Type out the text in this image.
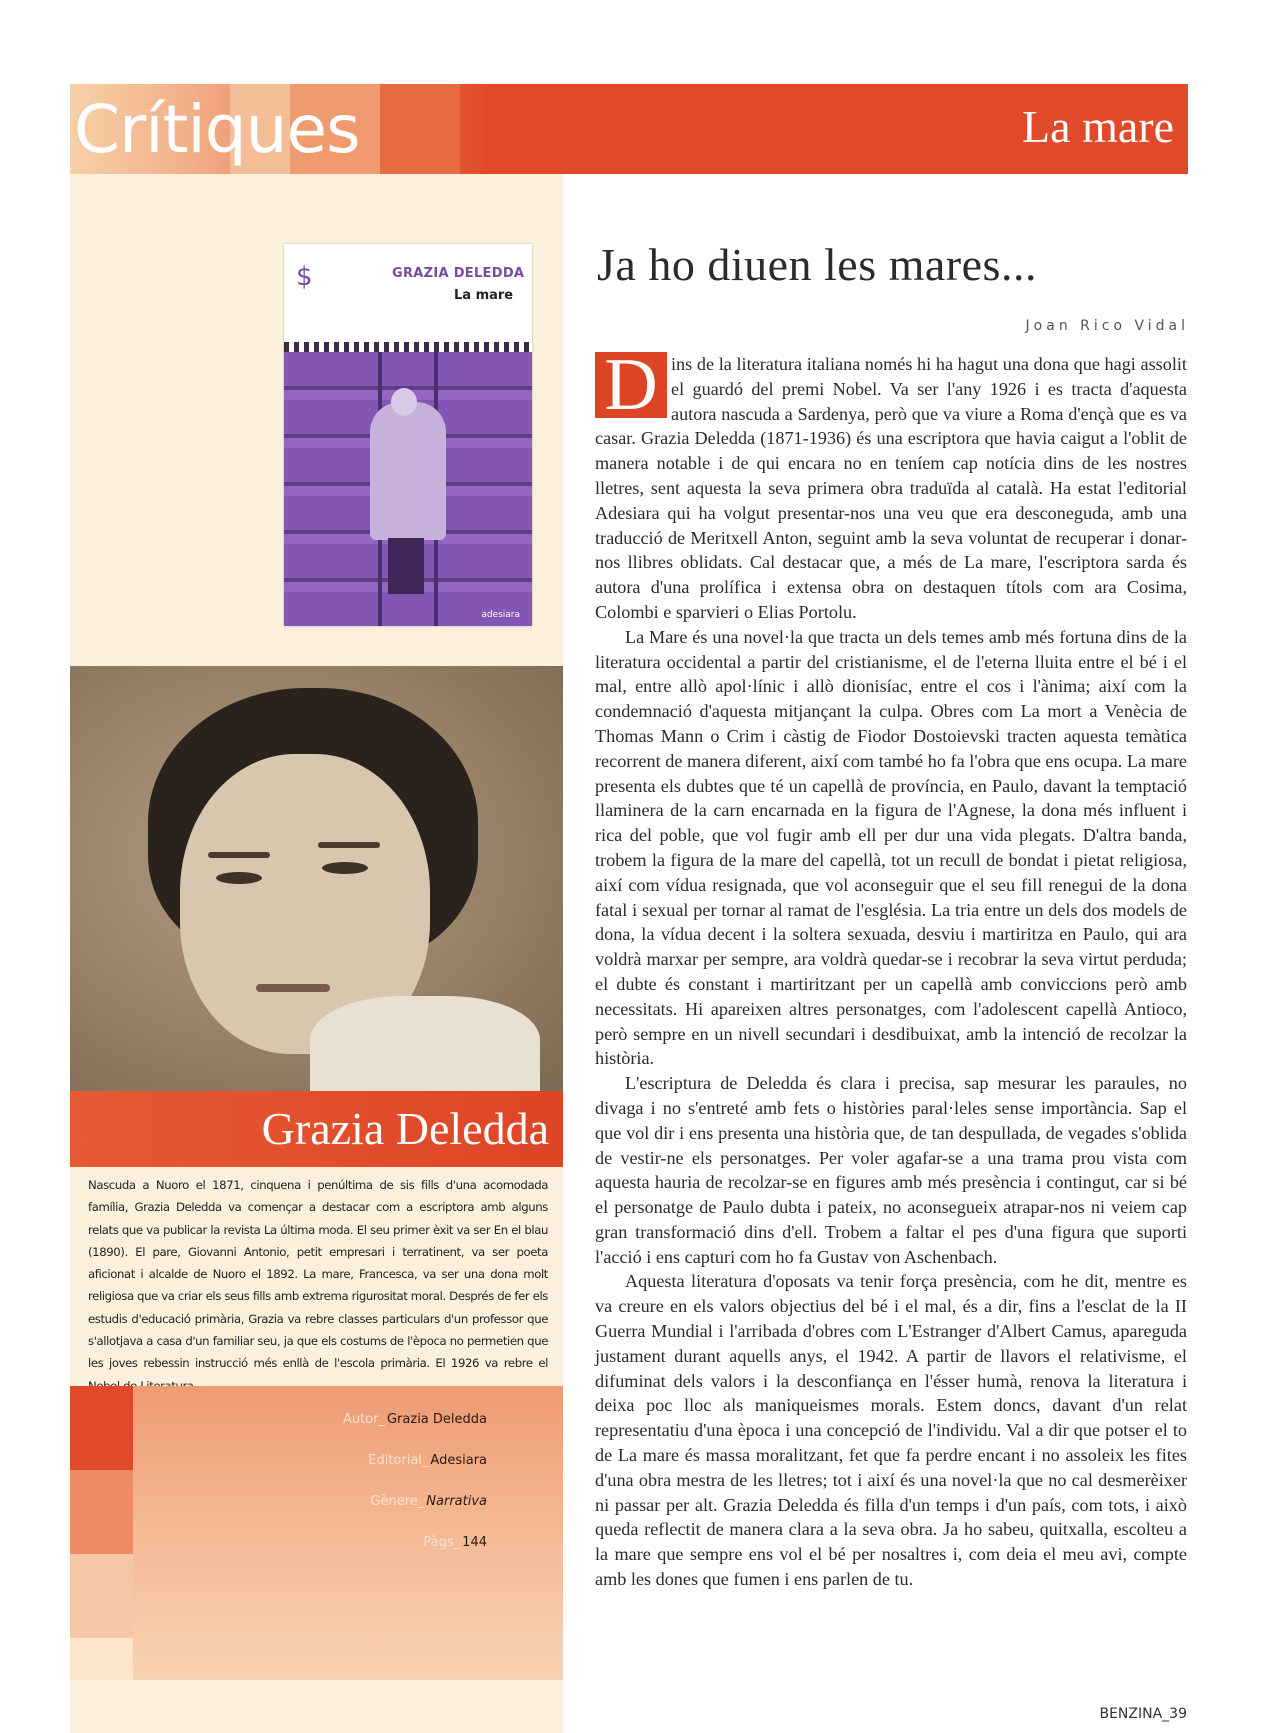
Crítiques	La mare
$	GRAZIA DELEDDA
La mare
adesiara
Grazia Deledda
Nascuda a Nuoro el 1871, cinquena i penúltima de sis fills d'una acomodada família, Grazia Deledda va començar a destacar com a escriptora amb alguns relats que va publicar la revista La última moda. El seu primer èxit va ser En el blau (1890). El pare, Giovanni Antonio, petit empresari i terratinent, va ser poeta aficionat i alcalde de Nuoro el 1892. La mare, Francesca, va ser una dona molt religiosa que va criar els seus fills amb extrema rigurositat moral. Després de fer els estudis d'educació primària, Grazia va rebre classes particulars d'un professor que s'allotjava a casa d'un familiar seu, ja que els costums de l'època no permetien que les joves rebessin instrucció més enllà de l'escola primària. El 1926 va rebre el
Autor_ Grazia Deledda
Editorial_ Adesiara
Gènere_ Narrativa
Pàgs_ 144
Ja ho diuen les mares...
Joan Rico Vidal

D ins de la literatura italiana només hi ha hagut una dona que hagi assolit el guardó del premi Nobel. Va ser l'any 1926 i es tracta d'aquesta autora nascuda a Sardenya, però que va viure a Roma d'ençà que es va casar. Grazia Deledda (1871-1936) és una escriptora que havia caigut a l'oblit de manera notable i de qui encara no en teníem cap notícia dins de les nostres lletres, sent aquesta la seva primera obra traduïda al català. Ha estat l'editorial Adesiara qui ha volgut presentar-nos una veu que era desconeguda, amb una traducció de Meritxell Anton, seguint amb la seva voluntat de recuperar i donar-nos llibres oblidats. Cal destacar que, a més de La mare, l'escriptora sarda és autora d'una prolífica i extensa obra on destaquen títols com ara Cosima, Colombi e sparvieri o Elias Portolu.

La Mare és una novel·la que tracta un dels temes amb més fortuna dins de la literatura occidental a partir del cristianisme, el de l'eterna lluita entre el bé i el mal, entre allò apol·línic i allò dionisíac, entre el cos i l'ànima; així com la condemnació d'aquesta mitjançant la culpa. Obres com La mort a Venècia de Thomas Mann o Crim i càstig de Fiodor Dostoievski tracten aquesta temàtica recorrent de manera diferent, així com també ho fa l'obra que ens ocupa. La mare presenta els dubtes que té un capellà de província, en Paulo, davant la temptació llaminera de la carn encarnada en la figura de l'Agnese, la dona més influent i rica del poble, que vol fugir amb ell per dur una vida plegats. D'altra banda, trobem la figura de la mare del capellà, tot un recull de bondat i pietat religiosa, així com vídua resignada, que vol aconseguir que el seu fill renegui de la dona fatal i sexual per tornar al ramat de l'església. La tria entre un dels dos models de dona, la vídua decent i la soltera sexuada, desviu i martiritza en Paulo, qui ara voldrà marxar per sempre, ara voldrà quedar-se i recobrar la seva virtut perduda; el dubte és constant i martiritzant per un capellà amb conviccions però amb necessitats. Hi apareixen altres personatges, com l'adolescent capellà Antioco, però sempre en un nivell secundari i desdibuixat, amb la intenció de recolzar la història.

L'escriptura de Deledda és clara i precisa, sap mesurar les paraules, no divaga i no s'entreté amb fets o històries paral·leles sense importància. Sap el que vol dir i ens presenta una història que, de tan despullada, de vegades s'oblida de vestir-ne els personatges. Per voler agafar-se a una trama prou vista com aquesta hauria de recolzar-se en figures amb més presència i contingut, car si bé el personatge de Paulo dubta i pateix, no aconsegueix atrapar-nos ni veiem cap gran transformació dins d'ell. Trobem a faltar el pes d'una figura que suporti l'acció i ens capturi com ho fa Gustav von Aschenbach.

Aquesta literatura d'oposats va tenir força presència, com he dit, mentre es va creure en els valors objectius del bé i el mal, és a dir, fins a l'esclat de la II Guerra Mundial i l'arribada d'obres com L'Estranger d'Albert Camus, apareguda justament durant aquells anys, el 1942. A partir de llavors el relativisme, el difuminat dels valors i la desconfiança en l'ésser humà, renova la literatura i deixa poc lloc als maniqueismes morals. Estem doncs, davant d'un relat representatiu d'una època i una concepció de l'individu. Val a dir que potser el to de La mare és massa moralitzant, fet que fa perdre encant i no assoleix les fites d'una obra mestra de les lletres; tot i així és una novel·la que no cal desmerèixer ni passar per alt. Grazia Deledda és filla d'un temps i d'un país, com tots, i això queda reflectit de manera clara a la seva obra. Ja ho sabeu, quitxalla, escolteu a la mare que sempre ens vol el bé per nosaltres i, com deia el meu avi, compte amb les dones que fumen i ens parlen de tu.

BENZINA_39
